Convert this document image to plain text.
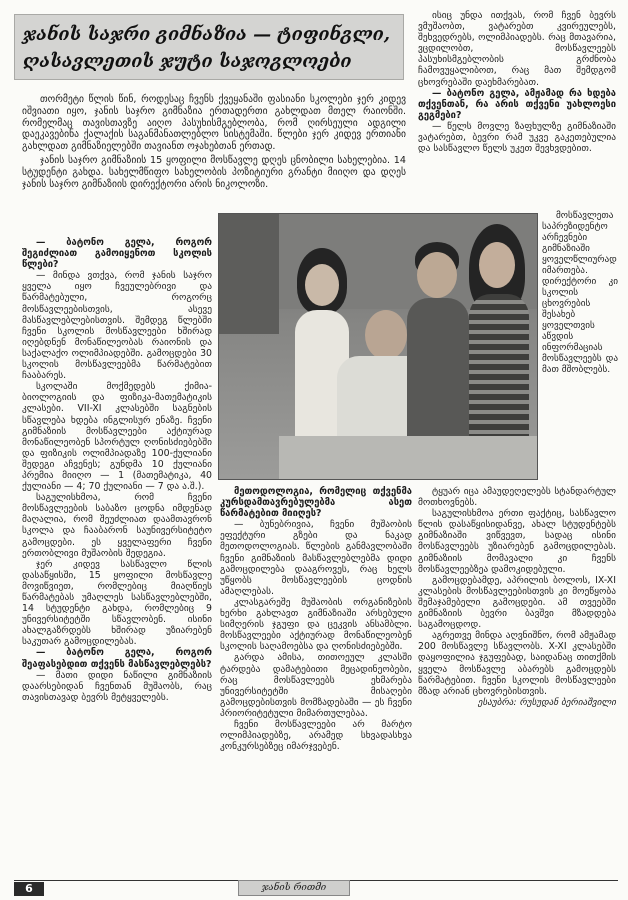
ჯანის საჯრი გიმნაზია — ტიფინგლი, ღასავლეთის ჯუტი საჯოგლოები

თორმეტი წლის წინ, როდესაც ჩვენს ქვეყანაში ფასიანი სკოლები ჯერ კიდევ იშვიათი იყო, ჯანის საჯრო გიმნაზია ერთადერთი გახლდათ მთელ რაიონში. რომელმაც თავისთავზე აიღო პასუხისმგებლობა, რომ ღირსეული ადგილი დაეკავებინა ქალაქის საგანმანათლებლო სისტემაში. წლები ჯერ კიდევ ერთიანი გახლდათ გიმნაზიელებში თავიანთ ოჯახებთან ერთად.

ჯანის საჯრო გიმნაზიის 15 ყოფილი მოსწავლე დღეს ცნობილი სახელებია. 14 სტუდენტი გახდა. სახელმწიფო სახელობის პოზიტიური გრანტი მიიღო და დღეს ჯანის საჯრო გიმნაზიის დირექტორი არის ნიკოლოზი.

ისიც უნდა ითქვას, რომ ჩვენ ბევრს ვმუშაობთ, ვატარებთ კვირეულებს, შეხვედრებს, ოლიმპიადებს. რაც მთავარია, ვცდილობთ, მოსწავლეებს პასუხისმგებლობის გრძნობა ჩამოვუყალიბოთ, რაც მათ შემდგომ ცხოვრებაში დაეხმარებათ.

— ბატონო გელა, ამჟამად რა ხდება თქვენთან, რა არის თქვენი უახლოესი გეგმები?

— წელს მოვლე ზაფხულზე გიმნაზიაში ვატარებთ, ბევრი რამ უკვე გაკეთებულია და სასწავლო წელს უკეთ შევხვდებით.

— ბატონო გელა, როგორ შეგიძლიათ გამოიყენოთ სკოლის წლები?

— მინდა ვთქვა, რომ ჯანის საჯრო ყველა იყო ჩვეულებრივი და წარმატებული, როგორც მოსწავლეებისთვის, ასევე მასწავლებლებისთვის. შემდეგ წლებში ჩვენი სკოლის მოსწავლეები ხშირად იღებდნენ მონაწილეობას რაიონის და საქალაქო ოლიმპიადებში. გამოცდები 30 სკოლის მოსწავლეებმა წარმატებით ჩააბარეს.

სკოლაში მოქმედებს ქიმია-ბიოლოგიის და ფიზიკა-მათემატიკის კლასები. VII-XI კლასებში საგნების სწავლება ხდება ინგლისურ ენაზე. ჩვენი გიმნაზიის მოსწავლეები აქტიურად მონაწილეობენ სპორტულ ღონისძიებებში და ფიზიკის ოლიმპიადაზე 100-ქულიანი შედეგი აჩვენეს; გუნდმა 10 ქულიანი პრემია მიიღო — 1 (მათემატიკა, 40 ქულიანი — 4; 70 ქულიანი — 7 და ა.შ.).

საგულისხმოა, რომ ჩვენი მოსწავლეების საბაზო ცოდნა იმდენად მაღალია, რომ შეუძლიათ დაამთავრონ სკოლა და ჩააბარონ საუნივერსიტეტო გამოცდები. ეს ყველაფერი ჩვენი ერთობლივი მუშაობის შედეგია.

ჯერ კიდევ სასწავლო წლის დასაწყისში, 15 ყოფილი მოსწავლე მოვიწვიეთ, რომლებიც მიაღწიეს წარმატებას უმაღლეს სასწავლებლებში, 14 სტუდენტი გახდა, რომლებიც 9 უნივერსიტეტში სწავლობენ. ისინი ახალგაზრდებს ხშირად უზიარებენ საკუთარ გამოცდილებას.

— ბატონო გელა, როგორ შეაფასებდით თქვენს მასწავლებლებს?

— მათი დიდი ნაწილი გიმნაზიის დაარსებიდან ჩვენთან მუშაობს, რაც თავისთავად ბევრს მეტყველებს.

მეთოდოლოგია, რომელიც თქვენმა კურსდამთავრებულებმა ასეთ წარმატებით მიიღეს?

— ბუნებრივია, ჩვენი მუშაობის ეფექტური გზები და ნაკად მეთოდოლოგიას. წლების განმავლობაში ჩვენი გიმნაზიის მასწავლებლებმა დიდი გამოცდილება დააგროვეს, რაც ხელს უწყობს მოსწავლეების ცოდნის ამაღლებას.

კლასგარეშე მუშაობის ორგანიზების ხერხი გახლავთ გიმნაზიაში არსებული სიმღერის ჯგუფი და ცეკვის ანსამბლი. მოსწავლეები აქტიურად მონაწილეობენ სკოლის საღამოებსა და ღონისძიებებში.

გარდა ამისა, თითოეულ კლასში ტარდება დამატებითი მეცადინეობები, რაც მოსწავლეებს ეხმარება უნივერსიტეტში მისაღები გამოცდებისთვის მომზადებაში — ეს ჩვენი პრიორიტეტული მიმართულებაა.

ჩვენი მოსწავლეები არ მარტო ოლიმპიადებზე, არამედ სხვადასხვა კონკურსებზეც იმარჯვებენ.

ტყუარ იცა ამაუდეღელებს სტანდარტულ მოთხოვნებს.

საგულისხმოა ერთი ფაქტიც, სასწავლო წლის დასაწყისიდანვე, ახალ სტუდენტებს გიმნაზიაში ვიწვევთ, სადაც ისინი მოსწავლეებს უზიარებენ გამოცდილებას. გიმნაზიის მომავალი კი ჩვენს მოსწავლეებზეა დამოკიდებული.

გამოცდებამდე, აპრილის ბოლოს, IX-XI კლასების მოსწავლეებისთვის კი მოეწყობა შემაჯამებელი გამოცდები. ამ თვეებში გიმნაზიის ბევრი ბავშვი მზადდება საგამოცდოდ.

აგრეთვე მინდა აღვნიშნო, რომ ამჟამად 200 მოსწავლე სწავლობს. X-XI კლასებში დაყოფილია ჯგუფებად, საიდანაც თითქმის ყველა მოსწავლე აბარებს გამოცდებს წარმატებით. ჩვენი სკოლის მოსწავლეები მზად არიან ცხოვრებისთვის.

ესაუბრა: რუსუდან ბერიაშვილი

მოსწავლეთა საპრეზიდენტო არჩევნები გიმნაზიაში ყოველწლიურად იმართება. დირექტორი კი სკოლის ცხოვრების შესახებ ყოველთვის აწვდის ინფორმაციას მოსწავლეებს და მათ მშობლებს.

6	ჯანის რითმი
